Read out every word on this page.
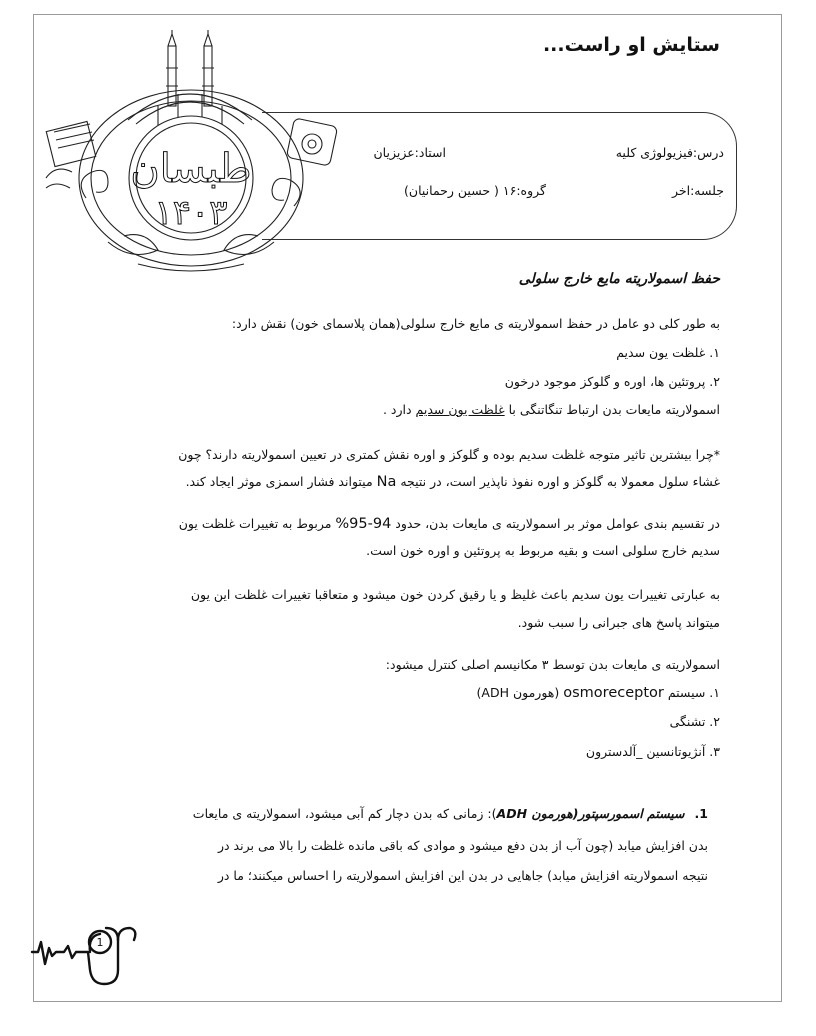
ستایش او راست...
درس:فیزیولوژی کلیه
استاد:عزیزیان
جلسه:اخر
گروه:۱۶ ( حسین رحمانیان)
طبسان
۱۴۰۳
حفظ اسمولاریته مایع خارج سلولی
به طور کلی دو عامل در حفظ اسمولاریته ی مایع خارج سلولی(همان پلاسمای خون) نقش دارد:
۱. غلظت یون سدیم
۲. پروتئین ها، اوره و گلوکز موجود درخون
اسمولاریته مایعات بدن ارتباط تنگاتنگی با غلظت یون سدیم دارد .
*چرا بیشترین تاثیر متوجه غلظت سدیم بوده و گلوکز و اوره نقش کمتری در تعیین اسمولاریته دارند؟ چون
غشاء سلول معمولا به گلوکز و اوره نفوذ ناپذیر است، در نتیجه Na میتواند فشار اسمزی موثر ایجاد کند.
در تقسیم بندی عوامل موثر بر اسمولاریته ی مایعات بدن، حدود %95-94 مربوط به تغییرات غلظت یون
سدیم خارج سلولی است و بقیه مربوط به پروتئین و اوره خون است.
به عبارتی تغییرات یون سدیم باعث غلیظ و یا رقیق کردن خون میشود و متعاقبا تغییرات غلظت این یون
میتواند پاسخ های جبرانی را سبب شود.
اسمولاریته ی مایعات بدن توسط ۳ مکانیسم اصلی کنترل میشود:
۱. سیستم osmoreceptor (هورمون ADH)
۲. تشنگی
۳. آنژیوتانسین _آلدسترون
1.سیستم اسمورسپتور(هورمون ADH): زمانی که بدن دچار کم آبی میشود، اسمولاریته ی مایعات
بدن افزایش میابد (چون آب از بدن دفع میشود و موادی که باقی مانده غلظت را بالا می برند در
نتیجه اسمولاریته افزایش میابد) جاهایی در بدن این افزایش اسمولاریته را احساس میکنند؛ ما در
1
